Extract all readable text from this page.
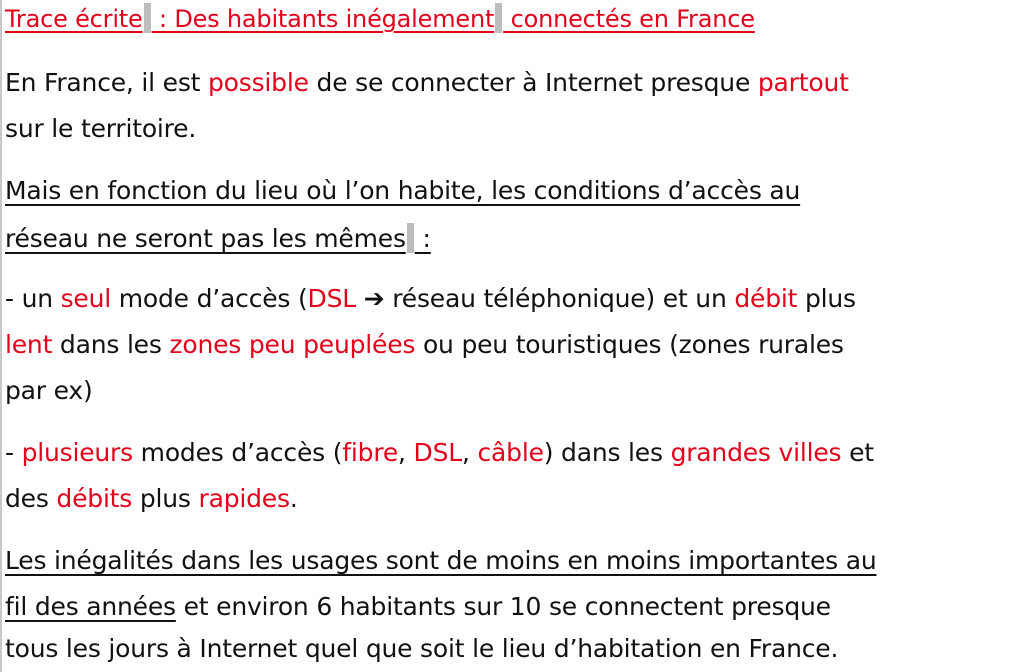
Trace écrite : Des habitants inégalement connectés en France
En France, il est possible de se connecter à Internet presque partout
sur le territoire.
Mais en fonction du lieu où l’on habite, les conditions d’accès au
réseau ne seront pas les mêmes :
- un seul mode d’accès (DSL ➔ réseau téléphonique) et un débit plus
lent dans les zones peu peuplées ou peu touristiques (zones rurales
par ex)
- plusieurs modes d’accès (fibre, DSL, câble) dans les grandes villes et
des débits plus rapides.
Les inégalités dans les usages sont de moins en moins importantes au
fil des années et environ 6 habitants sur 10 se connectent presque
tous les jours à Internet quel que soit le lieu d’habitation en France.
